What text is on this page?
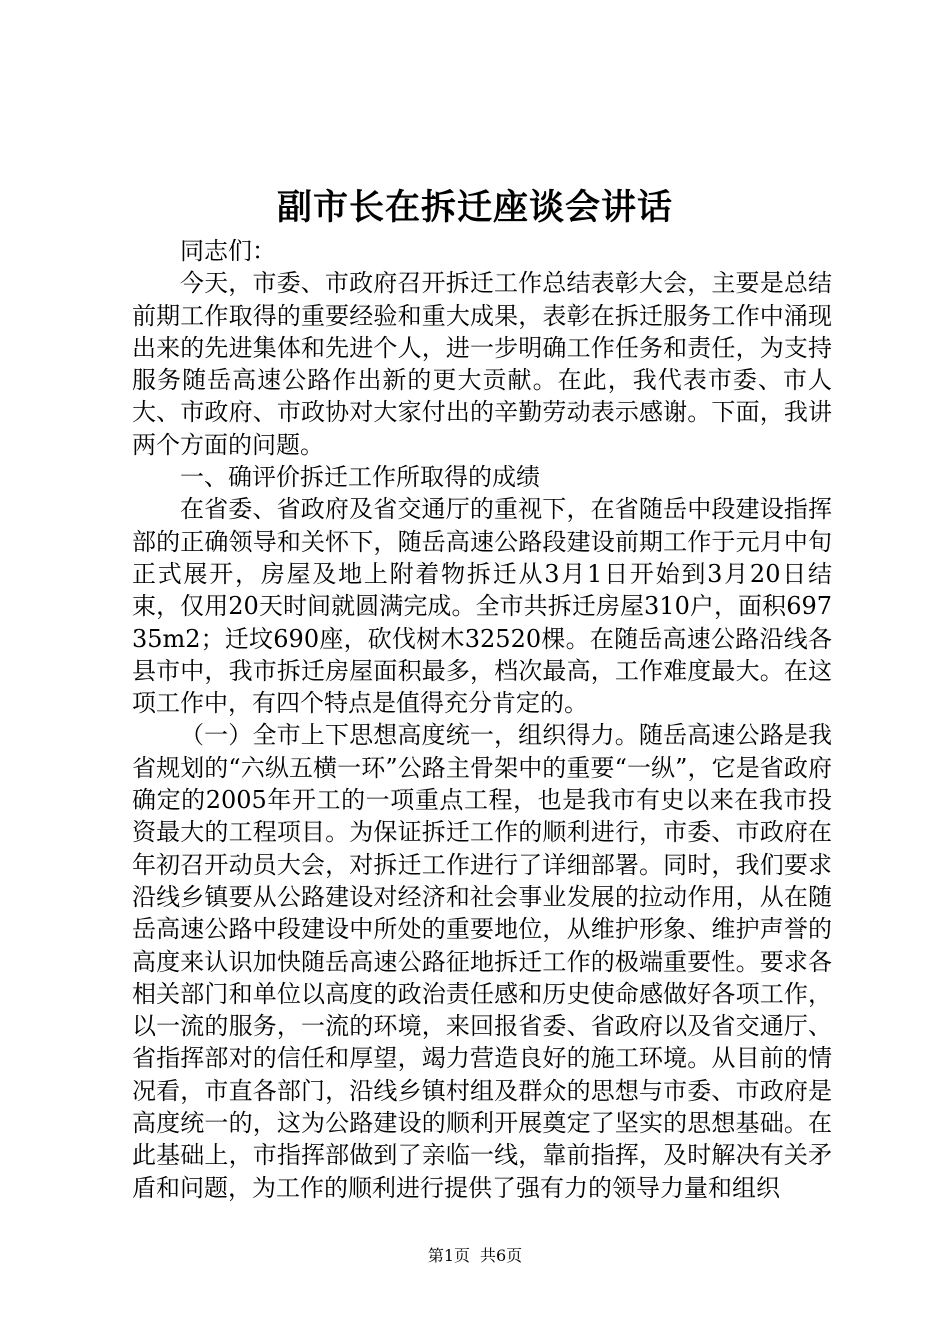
副市长在拆迁座谈会讲话

同志们：

今天，市委、市政府召开拆迁工作总结表彰大会，主要是总结前期工作取得的重要经验和重大成果，表彰在拆迁服务工作中涌现出来的先进集体和先进个人，进一步明确工作任务和责任，为支持服务随岳高速公路作出新的更大贡献。在此，我代表市委、市人大、市政府、市政协对大家付出的辛勤劳动表示感谢。下面，我讲两个方面的问题。

一、确评价拆迁工作所取得的成绩

在省委、省政府及省交通厅的重视下，在省随岳中段建设指挥部的正确领导和关怀下，随岳高速公路段建设前期工作于元月中旬正式展开，房屋及地上附着物拆迁从3月1日开始到3月20日结束，仅用20天时间就圆满完成。全市共拆迁房屋310户，面积69735m2；迁坟690座，砍伐树木32520棵。在随岳高速公路沿线各县市中，我市拆迁房屋面积最多，档次最高，工作难度最大。在这项工作中，有四个特点是值得充分肯定的。

（一）全市上下思想高度统一，组织得力。随岳高速公路是我省规划的“六纵五横一环”公路主骨架中的重要“一纵”，它是省政府确定的2005年开工的一项重点工程，也是我市有史以来在我市投资最大的工程项目。为保证拆迁工作的顺利进行，市委、市政府在年初召开动员大会，对拆迁工作进行了详细部署。同时，我们要求沿线乡镇要从公路建设对经济和社会事业发展的拉动作用，从在随岳高速公路中段建设中所处的重要地位，从维护形象、维护声誉的高度来认识加快随岳高速公路征地拆迁工作的极端重要性。要求各相关部门和单位以高度的政治责任感和历史使命感做好各项工作，以一流的服务，一流的环境，来回报省委、省政府以及省交通厅、省指挥部对的信任和厚望，竭力营造良好的施工环境。从目前的情况看，市直各部门，沿线乡镇村组及群众的思想与市委、市政府是高度统一的，这为公路建设的顺利开展奠定了坚实的思想基础。在此基础上，市指挥部做到了亲临一线，靠前指挥，及时解决有关矛盾和问题，为工作的顺利进行提供了强有力的领导力量和组织

第1页 共6页
